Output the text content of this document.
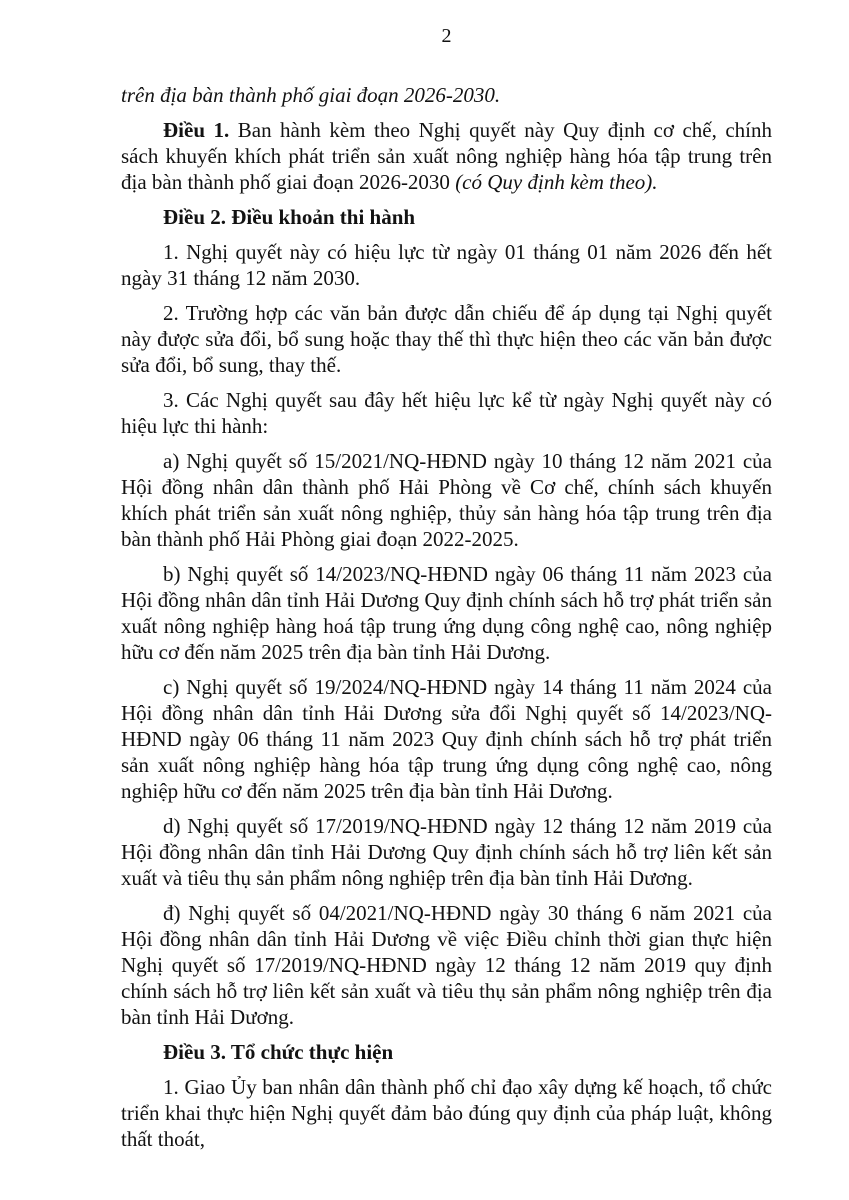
2

trên địa bàn thành phố giai đoạn 2026-2030.

Điều 1. Ban hành kèm theo Nghị quyết này Quy định cơ chế, chính sách khuyến khích phát triển sản xuất nông nghiệp hàng hóa tập trung trên địa bàn thành phố giai đoạn 2026-2030 (có Quy định kèm theo).

Điều 2. Điều khoản thi hành

1. Nghị quyết này có hiệu lực từ ngày 01 tháng 01 năm 2026 đến hết ngày 31 tháng 12 năm 2030.

2. Trường hợp các văn bản được dẫn chiếu để áp dụng tại Nghị quyết này được sửa đổi, bổ sung hoặc thay thế thì thực hiện theo các văn bản được sửa đổi, bổ sung, thay thế.

3. Các Nghị quyết sau đây hết hiệu lực kể từ ngày Nghị quyết này có hiệu lực thi hành:

a) Nghị quyết số 15/2021/NQ-HĐND ngày 10 tháng 12 năm 2021 của Hội đồng nhân dân thành phố Hải Phòng về Cơ chế, chính sách khuyến khích phát triển sản xuất nông nghiệp, thủy sản hàng hóa tập trung trên địa bàn thành phố Hải Phòng giai đoạn 2022-2025.

b) Nghị quyết số 14/2023/NQ-HĐND ngày 06 tháng 11 năm 2023 của Hội đồng nhân dân tỉnh Hải Dương Quy định chính sách hỗ trợ phát triển sản xuất nông nghiệp hàng hoá tập trung ứng dụng công nghệ cao, nông nghiệp hữu cơ đến năm 2025 trên địa bàn tỉnh Hải Dương.

c) Nghị quyết số 19/2024/NQ-HĐND ngày 14 tháng 11 năm 2024 của Hội đồng nhân dân tỉnh Hải Dương sửa đổi Nghị quyết số 14/2023/NQ-HĐND ngày 06 tháng 11 năm 2023 Quy định chính sách hỗ trợ phát triển sản xuất nông nghiệp hàng hóa tập trung ứng dụng công nghệ cao, nông nghiệp hữu cơ đến năm 2025 trên địa bàn tỉnh Hải Dương.

d) Nghị quyết số 17/2019/NQ-HĐND ngày 12 tháng 12 năm 2019 của Hội đồng nhân dân tỉnh Hải Dương Quy định chính sách hỗ trợ liên kết sản xuất và tiêu thụ sản phẩm nông nghiệp trên địa bàn tỉnh Hải Dương.

đ) Nghị quyết số 04/2021/NQ-HĐND ngày 30 tháng 6 năm 2021 của Hội đồng nhân dân tỉnh Hải Dương về việc Điều chỉnh thời gian thực hiện Nghị quyết số 17/2019/NQ-HĐND ngày 12 tháng 12 năm 2019 quy định chính sách hỗ trợ liên kết sản xuất và tiêu thụ sản phẩm nông nghiệp trên địa bàn tỉnh Hải Dương.

Điều 3. Tổ chức thực hiện

1. Giao Ủy ban nhân dân thành phố chỉ đạo xây dựng kế hoạch, tổ chức triển khai thực hiện Nghị quyết đảm bảo đúng quy định của pháp luật, không thất thoát,
